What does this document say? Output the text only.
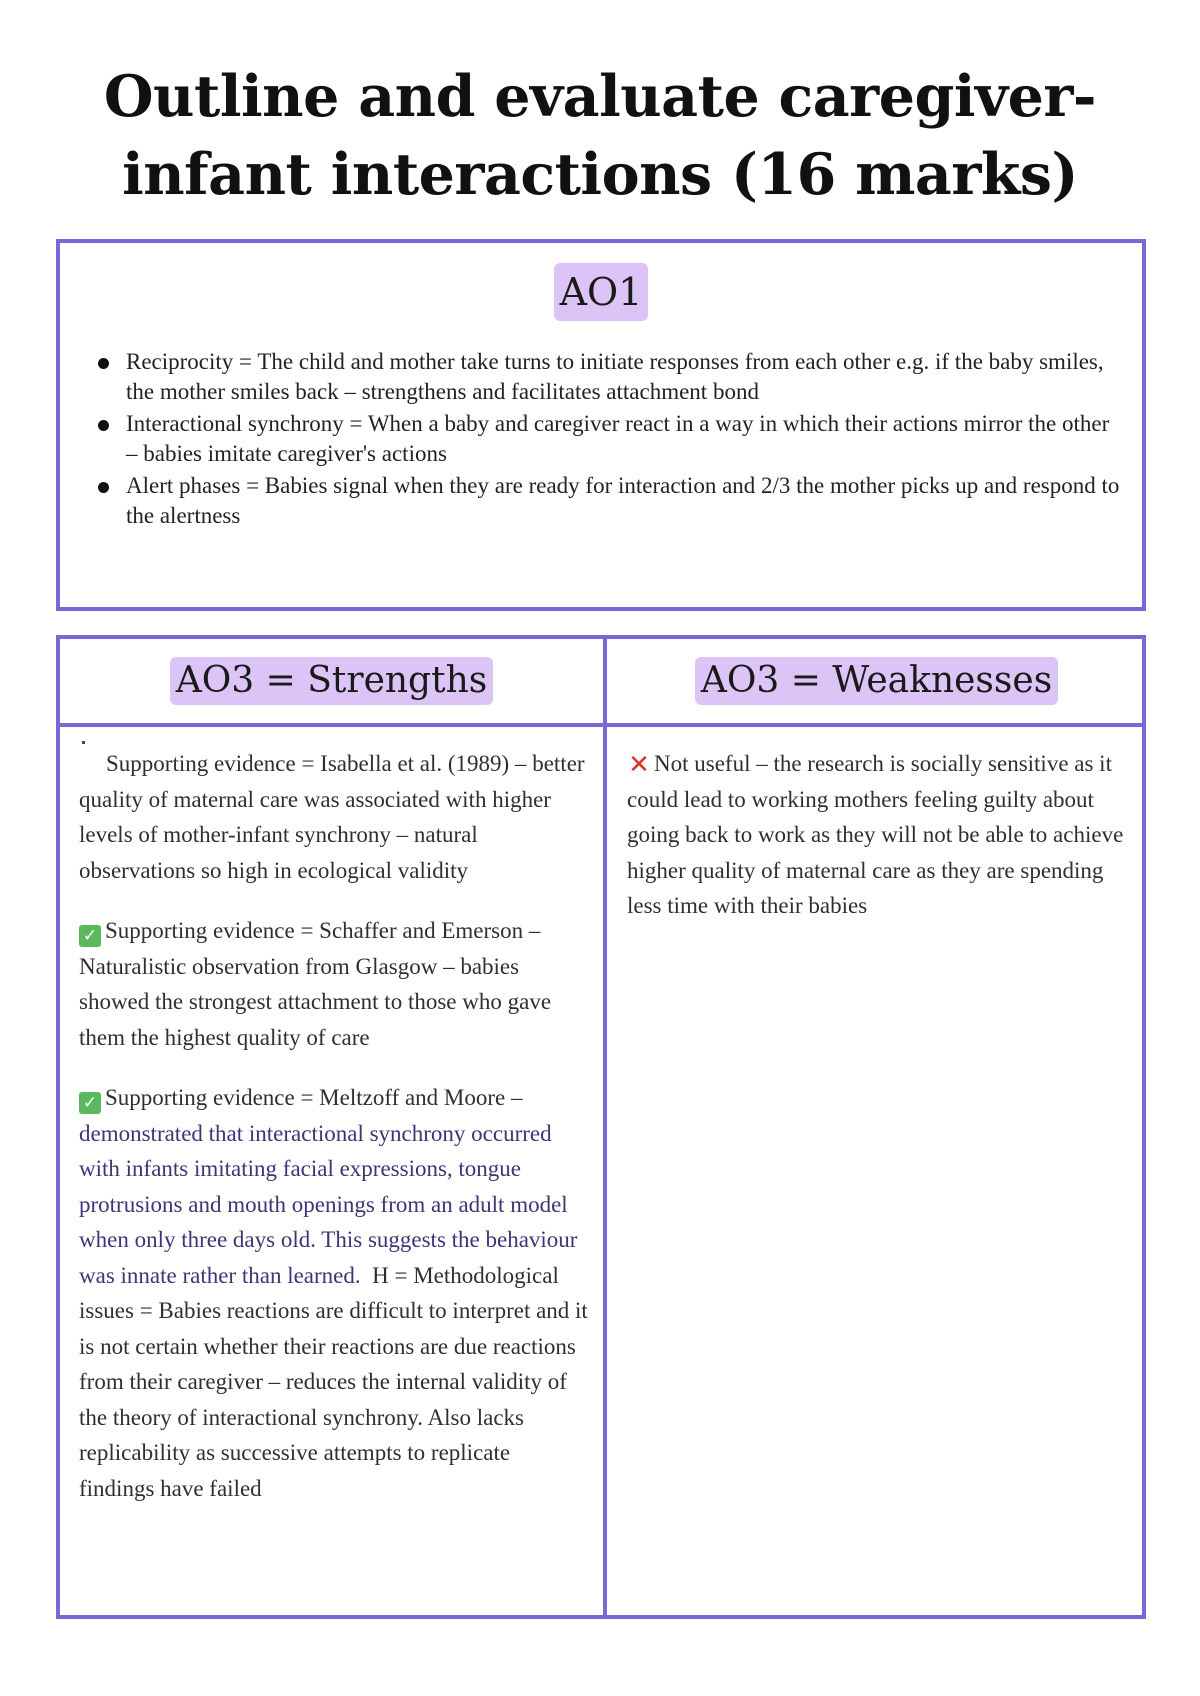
Outline and evaluate caregiver-infant interactions (16 marks)
AO1
Reciprocity = The child and mother take turns to initiate responses from each other e.g. if the baby smiles, the mother smiles back – strengthens and facilitates attachment bond
Interactional synchrony = When a baby and caregiver react in a way in which their actions mirror the other – babies imitate caregiver's actions
Alert phases = Babies signal when they are ready for interaction and 2/3 the mother picks up and respond to the alertness
AO3 = Strengths	AO3 = Weaknesses

Supporting evidence = Isabella et al. (1989) – better quality of maternal care was associated with higher levels of mother-infant synchrony – natural observations so high in ecological validity

✓ Supporting evidence = Schaffer and Emerson – Naturalistic observation from Glasgow – babies showed the strongest attachment to those who gave them the highest quality of care

✓ Supporting evidence = Meltzoff and Moore – demonstrated that interactional synchrony occurred with infants imitating facial expressions, tongue protrusions and mouth openings from an adult model when only three days old. This suggests the behaviour was innate rather than learned. H = Methodological issues = Babies reactions are difficult to interpret and it is not certain whether their reactions are due reactions from their caregiver – reduces the internal validity of the theory of interactional synchrony. Also lacks replicability as successive attempts to replicate findings have failed

✕ Not useful – the research is socially sensitive as it could lead to working mothers feeling guilty about going back to work as they will not be able to achieve higher quality of maternal care as they are spending less time with their babies
